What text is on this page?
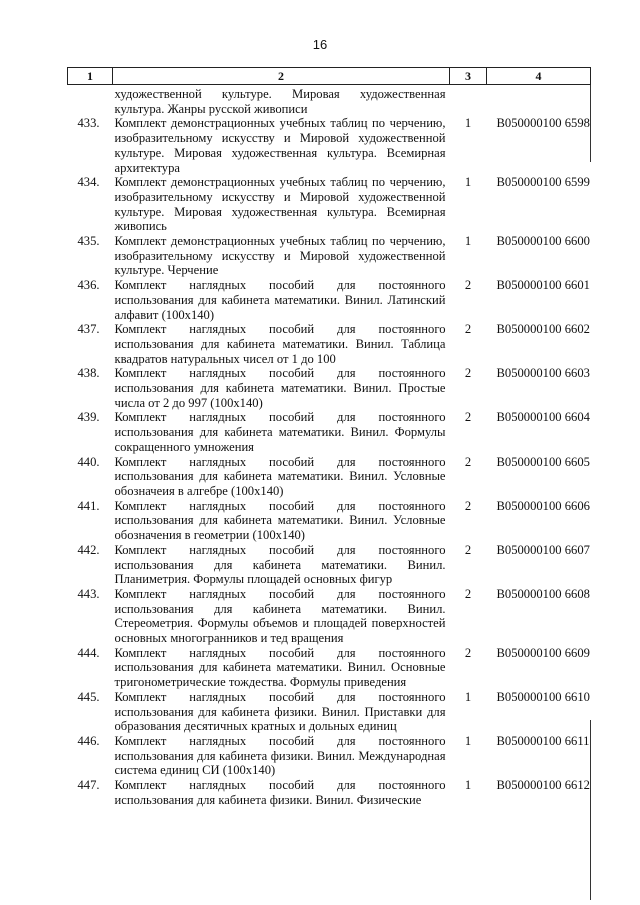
16
1	2	3	4
	художественной культуре. Мировая художественная культура. Жанры русской живописи		
433.	Комплект демонстрационных учебных таблиц по черчению, изобразительному искусству и Мировой художественной культуре. Мировая художественная культура. Всемирная архитектура	1	B050000100 6598
434.	Комплект демонстрационных учебных таблиц по черчению, изобразительному искусству и Мировой художественной культуре. Мировая художественная культура. Всемирная живопись	1	B050000100 6599
435.	Комплект демонстрационных учебных таблиц по черчению, изобразительному искусству и Мировой художественной культуре. Черчение	1	B050000100 6600
436.	Комплект наглядных пособий для постоянного использования для кабинета математики. Винил. Латинский алфавит (100х140)	2	B050000100 6601
437.	Комплект наглядных пособий для постоянного использования для кабинета математики. Винил. Таблица квадратов натуральных чисел от 1 до 100	2	B050000100 6602
438.	Комплект наглядных пособий для постоянного использования для кабинета математики. Винил. Простые числа от 2 до 997 (100х140)	2	B050000100 6603
439.	Комплект наглядных пособий для постоянного использования для кабинета математики. Винил. Формулы сокращенного умножения	2	B050000100 6604
440.	Комплект наглядных пособий для постоянного использования для кабинета математики. Винил. Условные обозначеия в алгебре (100х140)	2	B050000100 6605
441.	Комплект наглядных пособий для постоянного использования для кабинета математики. Винил. Условные обозначения в геометрии (100х140)	2	B050000100 6606
442.	Комплект наглядных пособий для постоянного использования для кабинета математики. Винил. Планиметрия. Формулы площадей основных фигур	2	B050000100 6607
443.	Комплект наглядных пособий для постоянного использования для кабинета математики. Винил. Стереометрия. Формулы объемов и площадей поверхностей основных многогранников и тед вращения	2	B050000100 6608
444.	Комплект наглядных пособий для постоянного использования для кабинета математики. Винил. Основные тригонометрические тождества. Формулы приведения	2	B050000100 6609
445.	Комплект наглядных пособий для постоянного использования для кабинета физики. Винил. Приставки для образования десятичных кратных и дольных единиц	1	B050000100 6610
446.	Комплект наглядных пособий для постоянного использования для кабинета физики. Винил. Международная система единиц СИ (100х140)	1	B050000100 6611
447.	Комплект наглядных пособий для постоянного использования для кабинета физики. Винил. Физические	1	B050000100 6612
